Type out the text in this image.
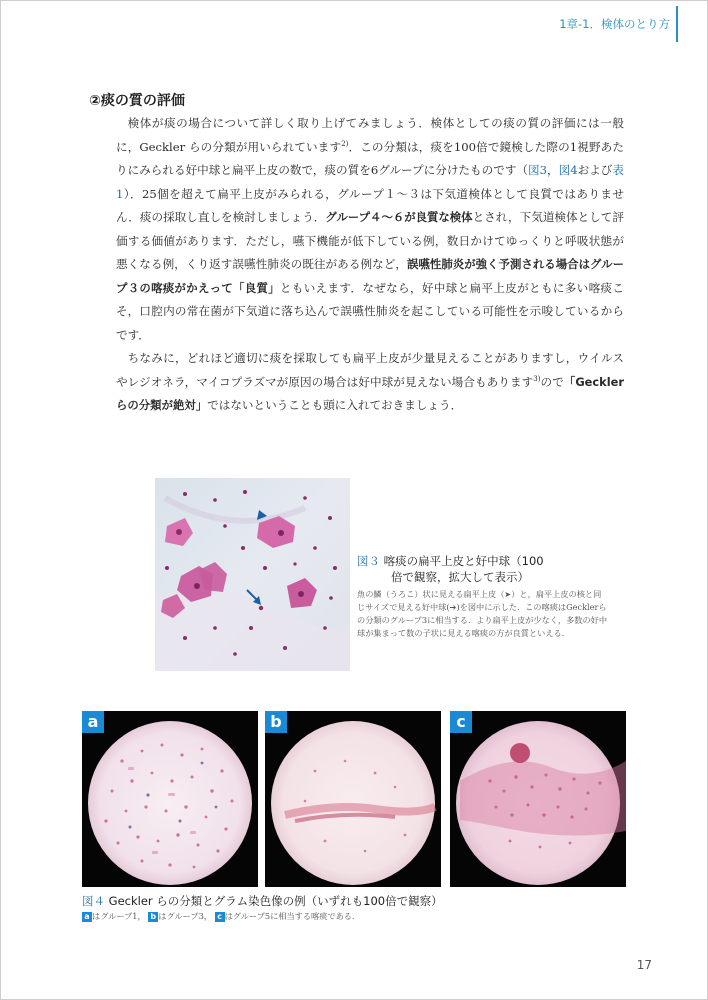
1章-1．検体のとり方
②痰の質の評価

検体が痰の場合について詳しく取り上げてみましょう．検体としての痰の質の評価には一般に，Geckler らの分類が用いられています$^{2)}$．この分類は，痰を100倍で鏡検した際の1視野あたりにみられる好中球と扁平上皮の数で，痰の質を6グループに分けたものです（図3，図4および表1）．25個を超えて扁平上皮がみられる，グループ１～３は下気道検体として良質ではありません．痰の採取し直しを検討しましょう．グループ４～６が良質な検体とされ，下気道検体として評価する価値があります．ただし，嚥下機能が低下している例，数日かけてゆっくりと呼吸状態が悪くなる例，くり返す誤嚥性肺炎の既往がある例など，誤嚥性肺炎が強く予測される場合はグループ３の喀痰がかえって「良質」ともいえます．なぜなら，好中球と扁平上皮がともに多い喀痰こそ，口腔内の常在菌が下気道に落ち込んで誤嚥性肺炎を起こしている可能性を示唆しているからです．

ちなみに，どれほど適切に痰を採取しても扁平上皮が少量見えることがありますし，ウイルスやレジオネラ，マイコプラズマが原因の場合は好中球が見えない場合もあります$^{3)}$ので「Geckler らの分類が絶対」ではないということも頭に入れておきましょう．

図３ 喀痰の扁平上皮と好中球（100
倍で観察，拡大して表示）
魚の鱗（うろこ）状に見える扁平上皮（➤）と，扁平上皮の核と同じサイズで見える好中球(➔)を図中に示した．この喀痰はGecklerらの分類のグループ3に相当する．より扁平上皮が少なく，多数の好中球が集まって数の子状に見える喀痰の方が良質といえる．
a	b	c
図４ Geckler らの分類とグラム染色像の例（いずれも100倍で観察）
a はグループ1， b はグループ3， c はグループ5に相当する喀痰である．
17
